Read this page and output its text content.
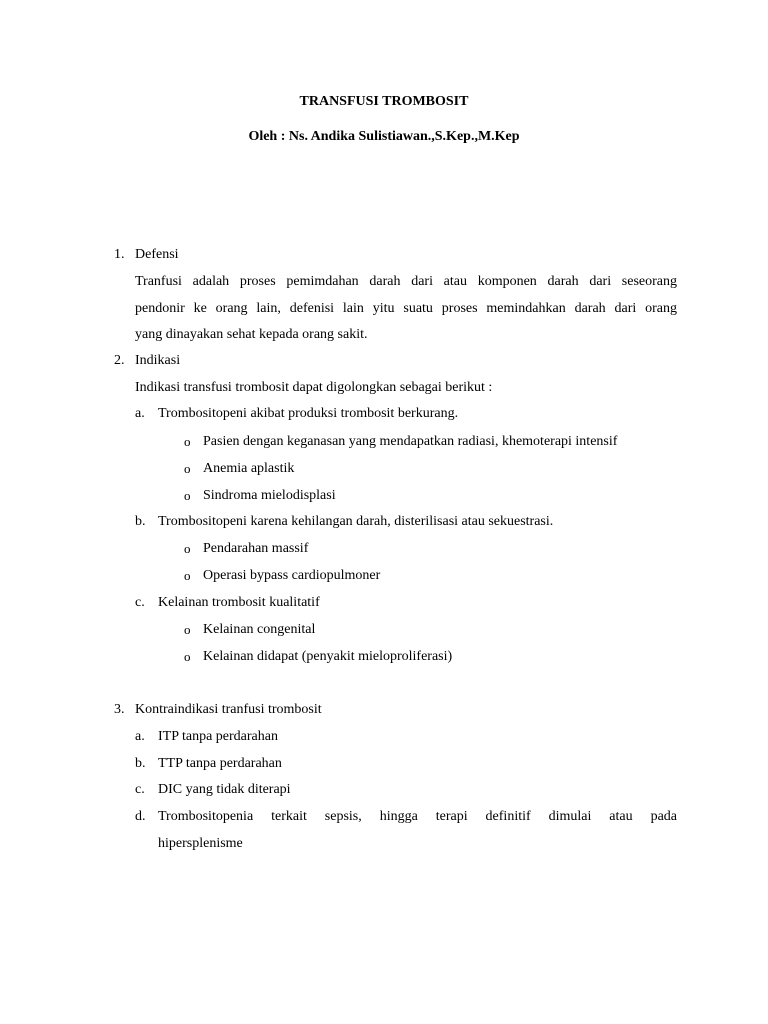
TRANSFUSI TROMBOSIT
Oleh : Ns. Andika Sulistiawan.,S.Kep.,M.Kep
1. Defensi
Tranfusi adalah proses pemimdahan darah dari atau komponen darah dari seseorang
pendonir ke orang lain, defenisi lain yitu suatu proses memindahkan darah dari orang
yang dinayakan sehat kepada orang sakit.
2. Indikasi
Indikasi transfusi trombosit dapat digolongkan sebagai berikut :
a. Trombositopeni akibat produksi trombosit berkurang.
o Pasien dengan keganasan yang mendapatkan radiasi, khemoterapi intensif
o Anemia aplastik
o Sindroma mielodisplasi
b. Trombositopeni karena kehilangan darah, disterilisasi atau sekuestrasi.
o Pendarahan massif
o Operasi bypass cardiopulmoner
c. Kelainan trombosit kualitatif
o Kelainan congenital
o Kelainan didapat (penyakit mieloproliferasi)
3. Kontraindikasi tranfusi trombosit
a. ITP tanpa perdarahan
b. TTP tanpa perdarahan
c. DIC yang tidak diterapi
d. Trombositopenia terkait sepsis, hingga terapi definitif dimulai atau pada
hipersplenisme
